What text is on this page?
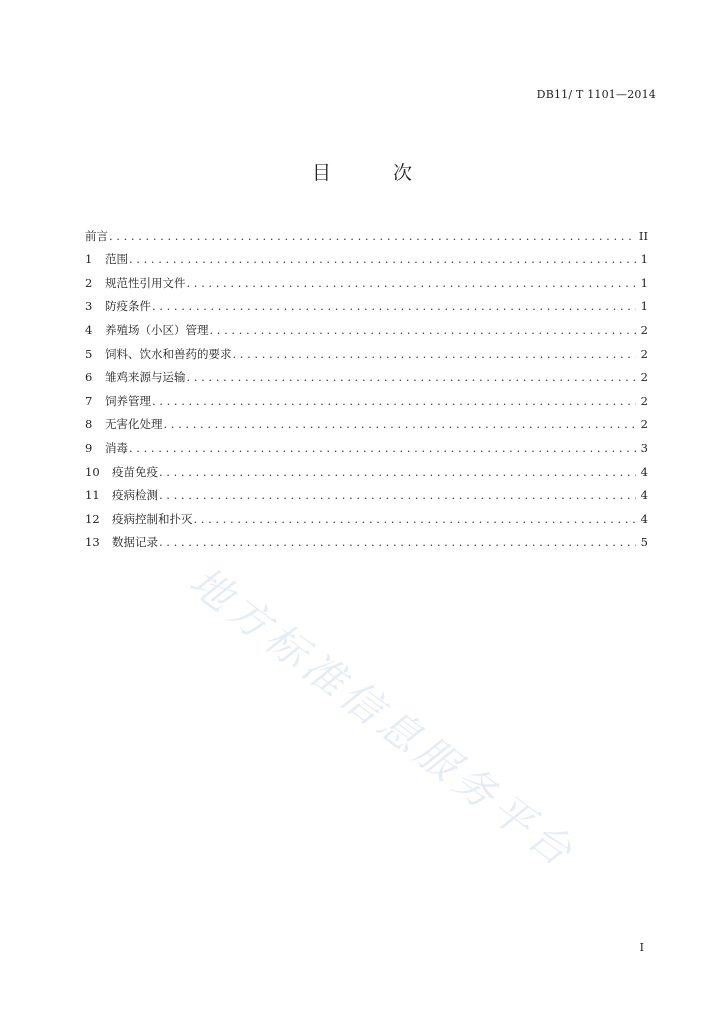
DB11/ T 1101—2014
目 次
前言 . . .	II
1	范围 . . .	1
2	规范性引用文件 . . .	1
3	防疫条件 . . .	1
4	养殖场（小区）管理 . . .	2
5	饲料、饮水和兽药的要求 . . .	2
6	雏鸡来源与运输 . . .	2
7	饲养管理 . . .	2
8	无害化处理 . . .	2
9	消毒 . . .	3
10	疫苗免疫 . . .	4
11	疫病检测 . . .	4
12	疫病控制和扑灭 . . .	4
13	数据记录 . . .	5
地方标准信息服务平台
I
